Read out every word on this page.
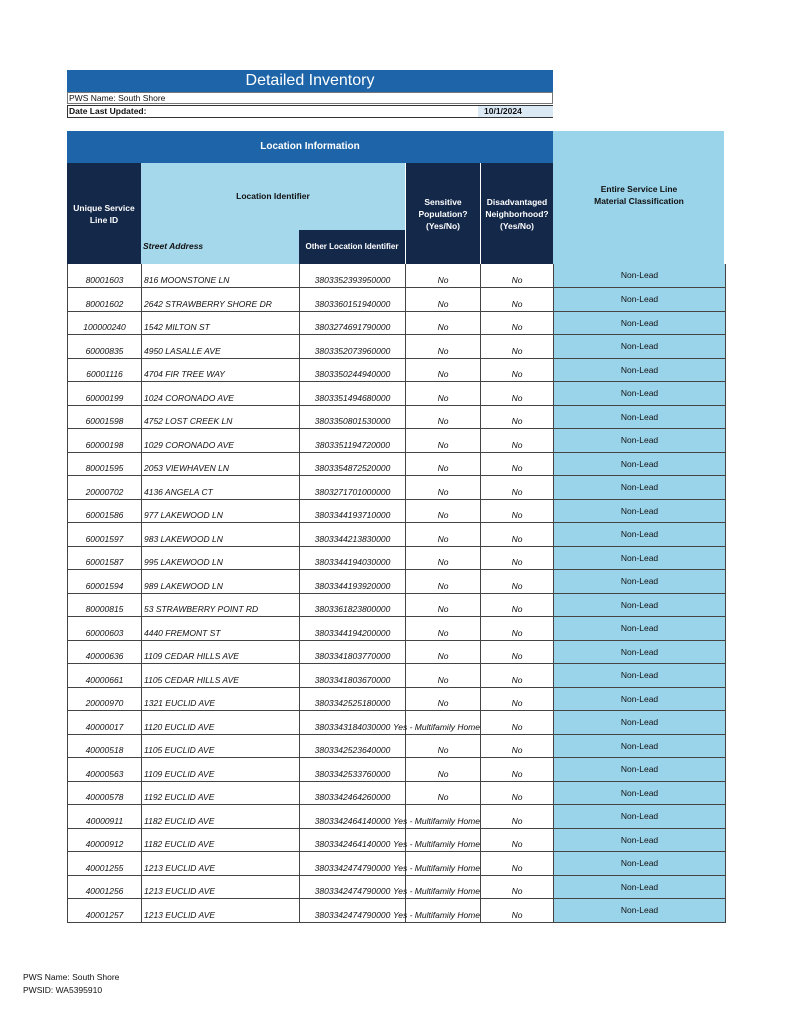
Detailed Inventory
PWS Name: South Shore
Date Last Updated:	10/1/2024
Location Information
Entire Service Line Material Classification
Unique Service Line ID
Location Identifier
Street Address	Other Location Identifier
Sensitive Population? (Yes/No)
Disadvantaged Neighborhood? (Yes/No)
80001603	816 MOONSTONE LN	3803352393950000	No	No	Non-Lead
80001602	2642 STRAWBERRY SHORE DR	3803360151940000	No	No	Non-Lead
100000240	1542 MILTON ST	3803274691790000	No	No	Non-Lead
60000835	4950 LASALLE AVE	3803352073960000	No	No	Non-Lead
60001116	4704 FIR TREE WAY	3803350244940000	No	No	Non-Lead
60000199	1024 CORONADO AVE	3803351494680000	No	No	Non-Lead
60001598	4752 LOST CREEK LN	3803350801530000	No	No	Non-Lead
60000198	1029 CORONADO AVE	3803351194720000	No	No	Non-Lead
80001595	2053 VIEWHAVEN LN	3803354872520000	No	No	Non-Lead
20000702	4136 ANGELA CT	3803271701000000	No	No	Non-Lead
60001586	977 LAKEWOOD LN	3803344193710000	No	No	Non-Lead
60001597	983 LAKEWOOD LN	3803344213830000	No	No	Non-Lead
60001587	995 LAKEWOOD LN	3803344194030000	No	No	Non-Lead
60001594	989 LAKEWOOD LN	3803344193920000	No	No	Non-Lead
80000815	53 STRAWBERRY POINT RD	3803361823800000	No	No	Non-Lead
60000603	4440 FREMONT ST	3803344194200000	No	No	Non-Lead
40000636	1109 CEDAR HILLS AVE	3803341803770000	No	No	Non-Lead
40000661	1105 CEDAR HILLS AVE	3803341803670000	No	No	Non-Lead
20000970	1321 EUCLID AVE	3803342525180000	No	No	Non-Lead
40000017	1120 EUCLID AVE	3803343184030000	Yes - Multifamily Home	No	Non-Lead
40000518	1105 EUCLID AVE	3803342523640000	No	No	Non-Lead
40000563	1109 EUCLID AVE	3803342533760000	No	No	Non-Lead
40000578	1192 EUCLID AVE	3803342464260000	No	No	Non-Lead
40000911	1182 EUCLID AVE	3803342464140000	Yes - Multifamily Home	No	Non-Lead
40000912	1182 EUCLID AVE	3803342464140000	Yes - Multifamily Home	No	Non-Lead
40001255	1213 EUCLID AVE	3803342474790000	Yes - Multifamily Home	No	Non-Lead
40001256	1213 EUCLID AVE	3803342474790000	Yes - Multifamily Home	No	Non-Lead
40001257	1213 EUCLID AVE	3803342474790000	Yes - Multifamily Home	No	Non-Lead
PWS Name: South Shore
PWSID: WA5395910
